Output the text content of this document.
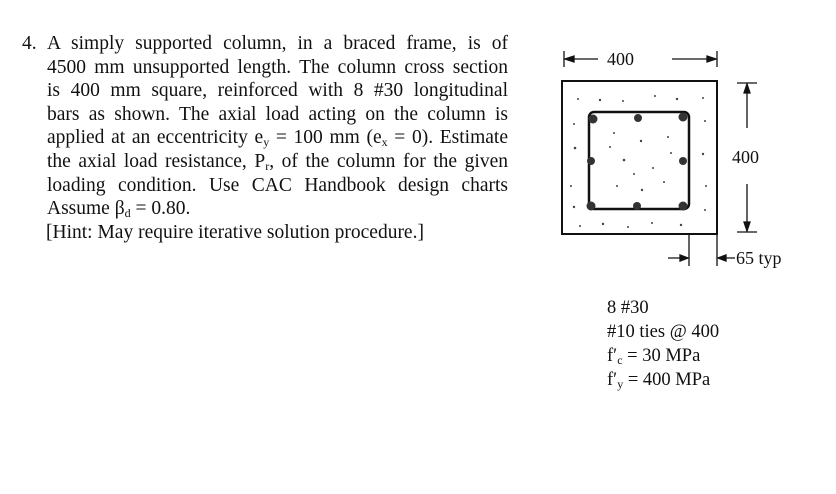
4. A simply supported column, in a braced frame, is of
4500 mm unsupported length. The column cross section
is 400 mm square, reinforced with 8 #30 longitudinal
bars as shown. The axial load acting on the column is
applied at an eccentricity $e_y = 100$ mm $(e_x = 0)$. Estimate
the axial load resistance, $P_r$, of the column for the given
loading condition. Use CAC Handbook design charts
Assume $\beta_d = 0.80$.
[Hint: May require iterative solution procedure.]
400
400
65 typ
8 #30
#10 ties @ 400
$f'_c = 30$ MPa
$f'_y = 400$ MPa
